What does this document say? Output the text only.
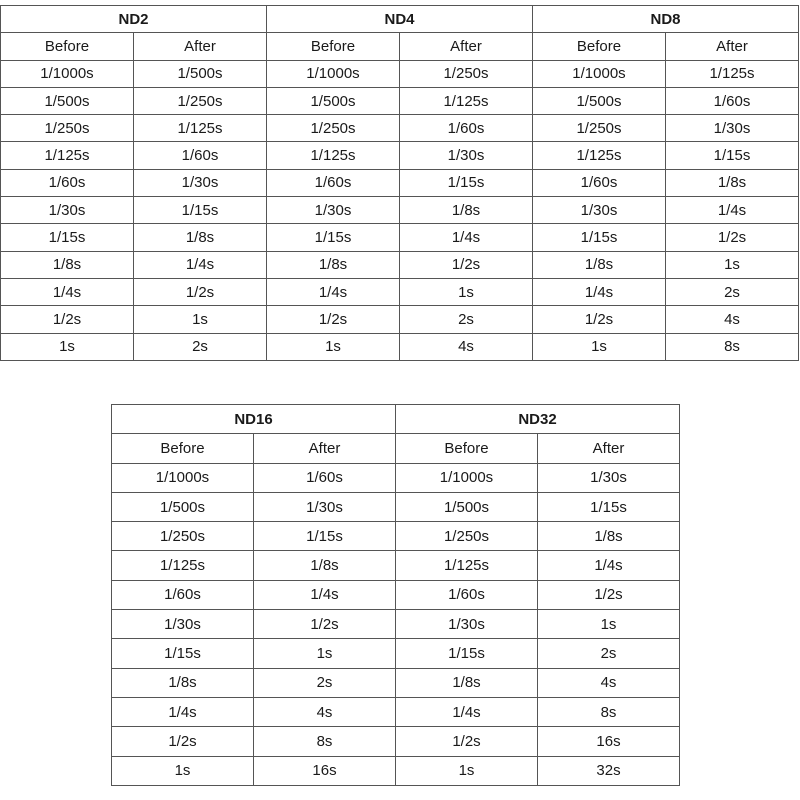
ND2		ND4		ND8	
Before	After	Before	After	Before	After
1/1000s	1/500s	1/1000s	1/250s	1/1000s	1/125s
1/500s	1/250s	1/500s	1/125s	1/500s	1/60s
1/250s	1/125s	1/250s	1/60s	1/250s	1/30s
1/125s	1/60s	1/125s	1/30s	1/125s	1/15s
1/60s	1/30s	1/60s	1/15s	1/60s	1/8s
1/30s	1/15s	1/30s	1/8s	1/30s	1/4s
1/15s	1/8s	1/15s	1/4s	1/15s	1/2s
1/8s	1/4s	1/8s	1/2s	1/8s	1s
1/4s	1/2s	1/4s	1s	1/4s	2s
1/2s	1s	1/2s	2s	1/2s	4s
1s	2s	1s	4s	1s	8s
ND16		ND32	
Before	After	Before	After
1/1000s	1/60s	1/1000s	1/30s
1/500s	1/30s	1/500s	1/15s
1/250s	1/15s	1/250s	1/8s
1/125s	1/8s	1/125s	1/4s
1/60s	1/4s	1/60s	1/2s
1/30s	1/2s	1/30s	1s
1/15s	1s	1/15s	2s
1/8s	2s	1/8s	4s
1/4s	4s	1/4s	8s
1/2s	8s	1/2s	16s
1s	16s	1s	32s
